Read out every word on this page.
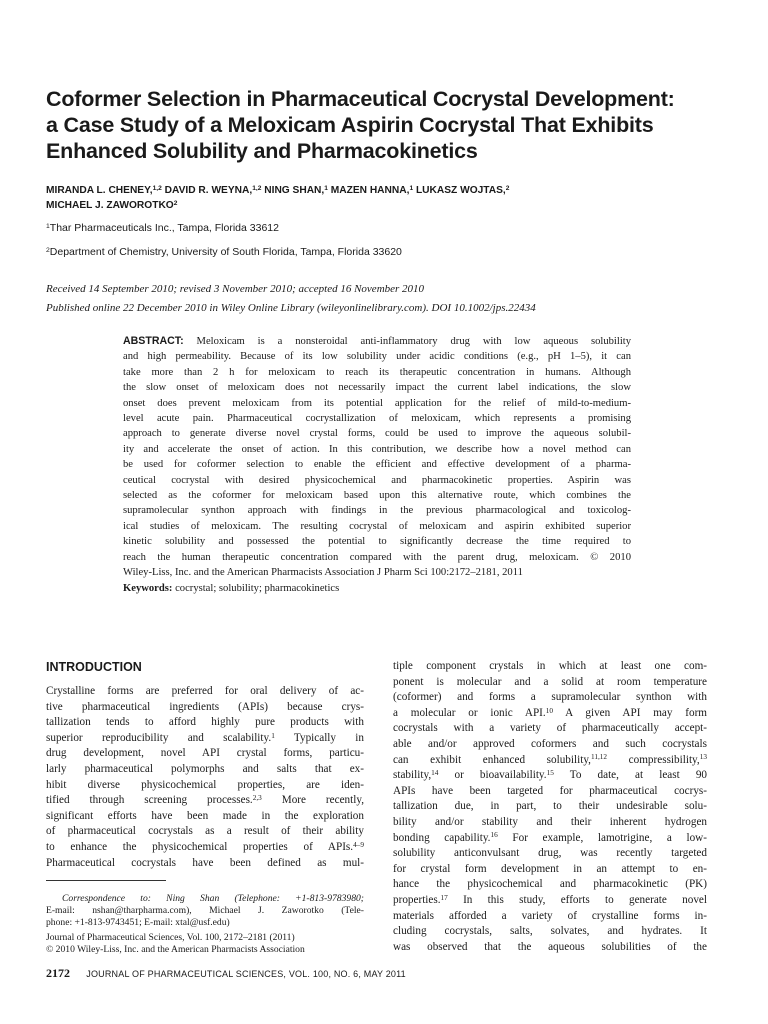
Coformer Selection in Pharmaceutical Cocrystal Development:
a Case Study of a Meloxicam Aspirin Cocrystal That Exhibits
Enhanced Solubility and Pharmacokinetics
MIRANDA L. CHENEY,$^{1,2}$ DAVID R. WEYNA,$^{1,2}$ NING SHAN,$^1$ MAZEN HANNA,$^1$ LUKASZ WOJTAS,$^2$
MICHAEL J. ZAWOROTKO$^2$
$^1$Thar Pharmaceuticals Inc., Tampa, Florida 33612
$^2$Department of Chemistry, University of South Florida, Tampa, Florida 33620
Received 14 September 2010; revised 3 November 2010; accepted 16 November 2010
Published online 22 December 2010 in Wiley Online Library (wileyonlinelibrary.com). DOI 10.1002/jps.22434
ABSTRACT: Meloxicam is a nonsteroidal anti-inflammatory drug with low aqueous solubility
and high permeability. Because of its low solubility under acidic conditions (e.g., pH 1–5), it can
take more than 2 h for meloxicam to reach its therapeutic concentration in humans. Although
the slow onset of meloxicam does not necessarily impact the current label indications, the slow
onset does prevent meloxicam from its potential application for the relief of mild-to-medium-
level acute pain. Pharmaceutical cocrystallization of meloxicam, which represents a promising
approach to generate diverse novel crystal forms, could be used to improve the aqueous solubil-
ity and accelerate the onset of action. In this contribution, we describe how a novel method can
be used for coformer selection to enable the efficient and effective development of a pharma-
ceutical cocrystal with desired physicochemical and pharmacokinetic properties. Aspirin was
selected as the coformer for meloxicam based upon this alternative route, which combines the
supramolecular synthon approach with findings in the previous pharmacological and toxicolog-
ical studies of meloxicam. The resulting cocrystal of meloxicam and aspirin exhibited superior
kinetic solubility and possessed the potential to significantly decrease the time required to
reach the human therapeutic concentration compared with the parent drug, meloxicam. © 2010
Wiley-Liss, Inc. and the American Pharmacists Association J Pharm Sci 100:2172–2181, 2011
Keywords: cocrystal; solubility; pharmacokinetics
INTRODUCTION
Crystalline forms are preferred for oral delivery of ac-
tive pharmaceutical ingredients (APIs) because crys-
tallization tends to afford highly pure products with
superior reproducibility and scalability.$^1$ Typically in
drug development, novel API crystal forms, particu-
larly pharmaceutical polymorphs and salts that ex-
hibit diverse physicochemical properties, are iden-
tified through screening processes.$^{2,3}$ More recently,
significant efforts have been made in the exploration
of pharmaceutical cocrystals as a result of their ability
to enhance the physicochemical properties of APIs.$^{4-9}$
Pharmaceutical cocrystals have been defined as mul-
tiple component crystals in which at least one com-
ponent is molecular and a solid at room temperature
(coformer) and forms a supramolecular synthon with
a molecular or ionic API.$^{10}$ A given API may form
cocrystals with a variety of pharmaceutically accept-
able and/or approved coformers and such cocrystals
can exhibit enhanced solubility,$^{11,12}$ compressibility,$^{13}$
stability,$^{14}$ or bioavailability.$^{15}$ To date, at least 90
APIs have been targeted for pharmaceutical cocrys-
tallization due, in part, to their undesirable solu-
bility and/or stability and their inherent hydrogen
bonding capability.$^{16}$ For example, lamotrigine, a low-
solubility anticonvulsant drug, was recently targeted
for crystal form development in an attempt to en-
hance the physicochemical and pharmacokinetic (PK)
properties.$^{17}$ In this study, efforts to generate novel
materials afforded a variety of crystalline forms in-
cluding cocrystals, salts, solvates, and hydrates. It
was observed that the aqueous solubilities of the
Correspondence to: Ning Shan (Telephone: +1-813-9783980;
E-mail: nshan@tharpharma.com), Michael J. Zaworotko (Tele-
phone: +1-813-9743451; E-mail: xtal@usf.edu)
Journal of Pharmaceutical Sciences, Vol. 100, 2172–2181 (2011)
© 2010 Wiley-Liss, Inc. and the American Pharmacists Association
2172 JOURNAL OF PHARMACEUTICAL SCIENCES, VOL. 100, NO. 6, MAY 2011
